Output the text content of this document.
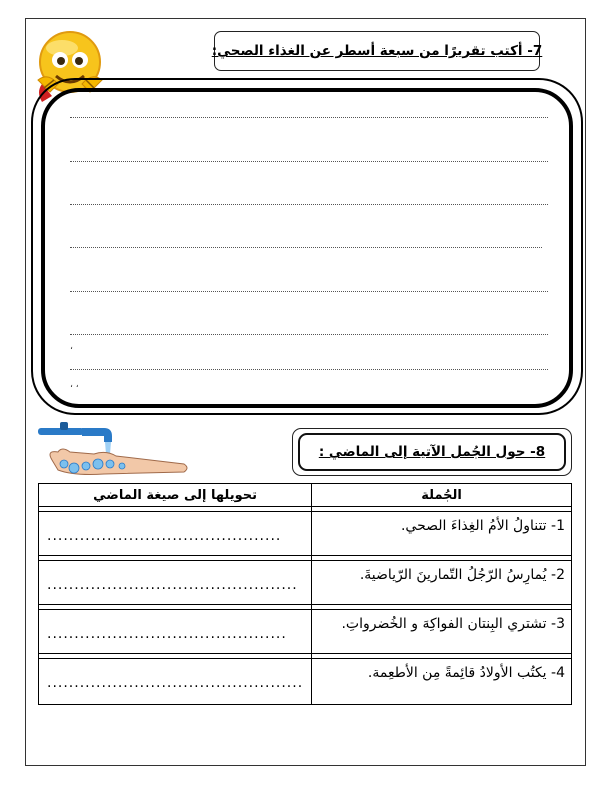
7- أكتب تقريرًا من سبعة أسطر عن الغذاء الصحي:
،
، ،
8- حول الجُمل الآتية إلى الماضي :
الجُملة	تحويلها إلى صيغة الماضي

1- تتناولُ الأمُ الغِذاءَ الصحي.	...........................................

2- يُمارِسُ الرّجُلُ التّمارينَ الرّياضيةَ.	..............................................

3- تشتري البِنتان الفواكِهَ و الخُضرواتِ.	............................................

4- يكتُب الأولادُ قائِمةً مِن الأطعِمة.	...............................................
